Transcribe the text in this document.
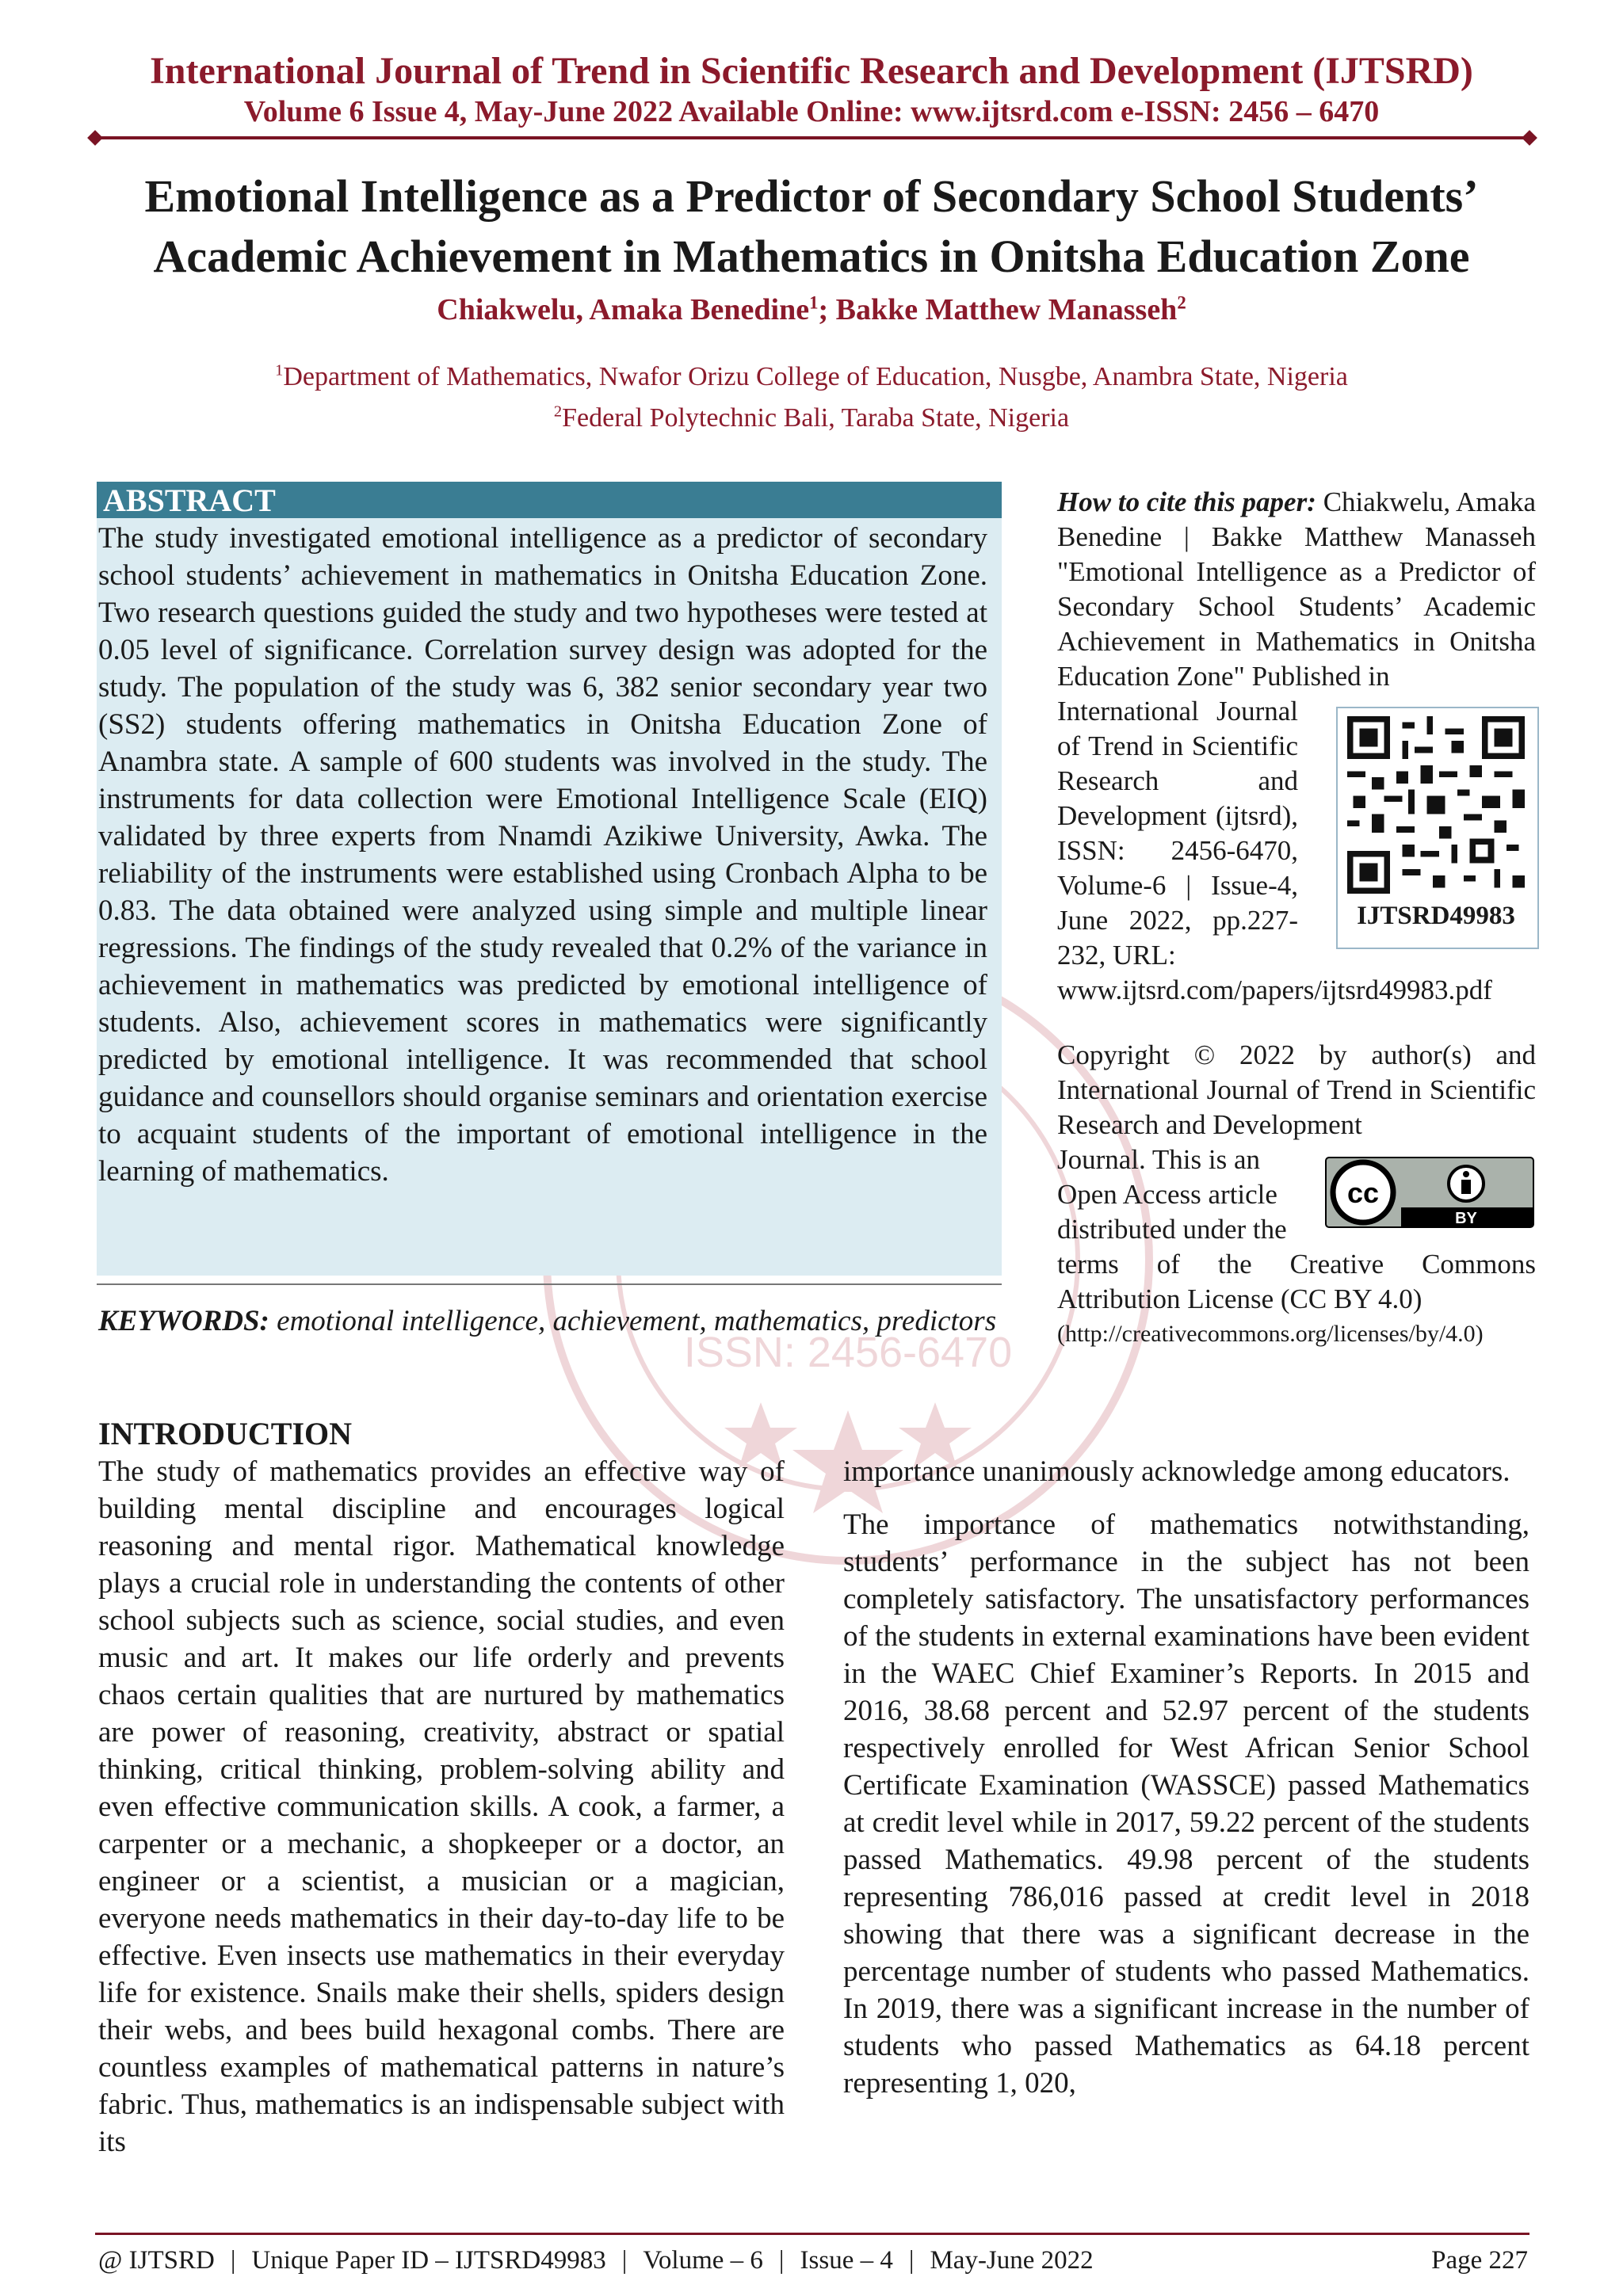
ISSN: 2456-6470
International Journal of Trend in Scientific Research and Development (IJTSRD)
Volume 6 Issue 4, May-June 2022 Available Online: www.ijtsrd.com e-ISSN: 2456 – 6470
Emotional Intelligence as a Predictor of Secondary School Students’
Academic Achievement in Mathematics in Onitsha Education Zone
Chiakwelu, Amaka Benedine$^1$; Bakke Matthew Manasseh$^2$
$^1$Department of Mathematics, Nwafor Orizu College of Education, Nusgbe, Anambra State, Nigeria
$^2$Federal Polytechnic Bali, Taraba State, Nigeria
ABSTRACT
The study investigated emotional intelligence as a predictor of secondary school students’ achievement in mathematics in Onitsha Education Zone. Two research questions guided the study and two hypotheses were tested at 0.05 level of significance. Correlation survey design was adopted for the study. The population of the study was 6, 382 senior secondary year two (SS2) students offering mathematics in Onitsha Education Zone of Anambra state. A sample of 600 students was involved in the study. The instruments for data collection were Emotional Intelligence Scale (EIQ) validated by three experts from Nnamdi Azikiwe University, Awka. The reliability of the instruments were established using Cronbach Alpha to be 0.83. The data obtained were analyzed using simple and multiple linear regressions. The findings of the study revealed that 0.2% of the variance in achievement in mathematics was predicted by emotional intelligence of students. Also, achievement scores in mathematics were significantly predicted by emotional intelligence. It was recommended that school guidance and counsellors should organise seminars and orientation exercise to acquaint students of the important of emotional intelligence in the learning of mathematics.
KEYWORDS: emotional intelligence, achievement, mathematics, predictors
How to cite this paper: Chiakwelu, Amaka Benedine | Bakke Matthew Manasseh "Emotional Intelligence as a Predictor of Secondary School Students’ Academic Achievement in Mathematics in Onitsha Education Zone" Published in
International Journal of Trend in Scientific Research and Development (ijtsrd), ISSN: 2456-6470, Volume-6 | Issue-4, June 2022, pp.227-232, URL:
www.ijtsrd.com/papers/ijtsrd49983.pdf
IJTSRD49983
Copyright © 2022 by author(s) and International Journal of Trend in Scientific Research and Development
Journal. This is an Open Access article distributed under the
terms of the Creative Commons Attribution License (CC BY 4.0)
(http://creativecommons.org/licenses/by/4.0)
cc
BY
INTRODUCTION

The study of mathematics provides an effective way of building mental discipline and encourages logical reasoning and mental rigor. Mathematical knowledge plays a crucial role in understanding the contents of other school subjects such as science, social studies, and even music and art. It makes our life orderly and prevents chaos certain qualities that are nurtured by mathematics are power of reasoning, creativity, abstract or spatial thinking, critical thinking, problem-solving ability and even effective communication skills. A cook, a farmer, a carpenter or a mechanic, a shopkeeper or a doctor, an engineer or a scientist, a musician or a magician, everyone needs mathematics in their day-to-day life to be effective. Even insects use mathematics in their everyday life for existence. Snails make their shells, spiders design their webs, and bees build hexagonal combs. There are countless examples of mathematical patterns in nature’s fabric. Thus, mathematics is an indispensable subject with its

importance unanimously acknowledge among educators.

The importance of mathematics notwithstanding, students’ performance in the subject has not been completely satisfactory. The unsatisfactory performances of the students in external examinations have been evident in the WAEC Chief Examiner’s Reports. In 2015 and 2016, 38.68 percent and 52.97 percent of the students respectively enrolled for West African Senior School Certificate Examination (WASSCE) passed Mathematics at credit level while in 2017, 59.22 percent of the students passed Mathematics. 49.98 percent of the students representing 786,016 passed at credit level in 2018 showing that there was a significant decrease in the percentage number of students who passed Mathematics. In 2019, there was a significant increase in the number of students who passed Mathematics as 64.18 percent representing 1, 020,

@ IJTSRD | Unique Paper ID – IJTSRD49983 | Volume – 6 | Issue – 4 | May-June 2022	Page 227
